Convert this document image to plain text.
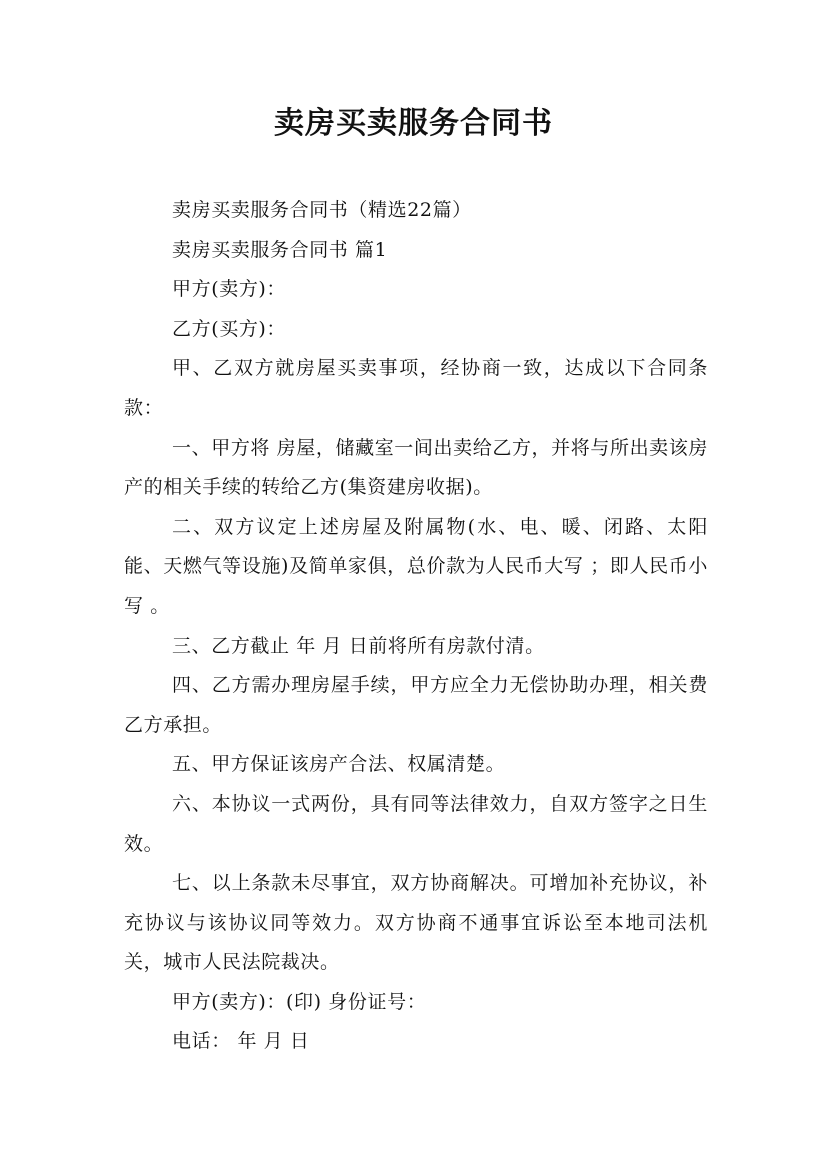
卖房买卖服务合同书

卖房买卖服务合同书（精选22篇）

卖房买卖服务合同书 篇1

甲方(卖方)：

乙方(买方)：

甲、乙双方就房屋买卖事项，经协商一致，达成以下合同条款：

一、甲方将 房屋，储藏室一间出卖给乙方，并将与所出卖该房产的相关手续的转给乙方(集资建房收据)。

二、双方议定上述房屋及附属物(水、电、暖、闭路、太阳能、天燃气等设施)及简单家俱，总价款为人民币大写 ；即人民币小写 。

三、乙方截止 年 月 日前将所有房款付清。

四、乙方需办理房屋手续，甲方应全力无偿协助办理，相关费乙方承担。

五、甲方保证该房产合法、权属清楚。

六、本协议一式两份，具有同等法律效力，自双方签字之日生效。

七、以上条款未尽事宜，双方协商解决。可增加补充协议，补充协议与该协议同等效力。双方协商不通事宜诉讼至本地司法机关，城市人民法院裁决。

甲方(卖方)：(印) 身份证号：

电话： 年 月 日
